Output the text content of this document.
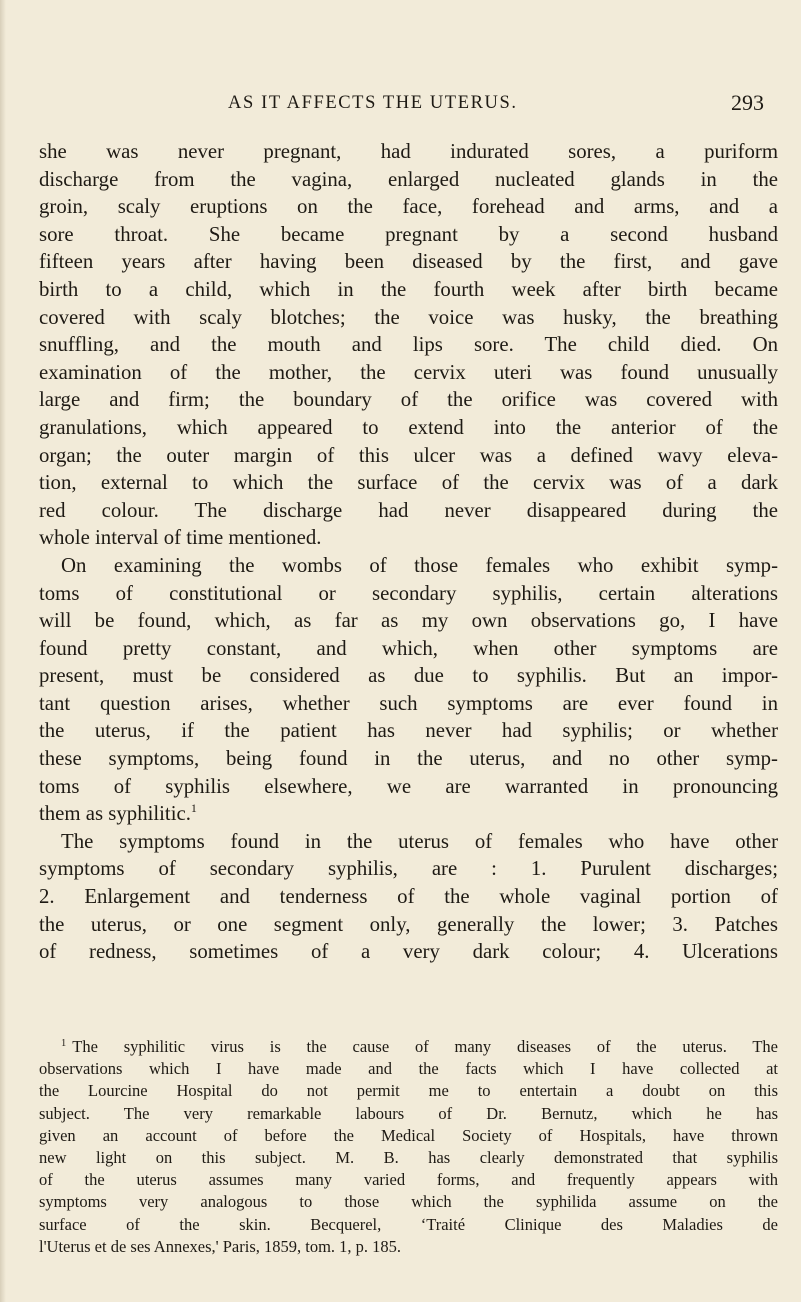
AS IT AFFECTS THE UTERUS.	293
she was never pregnant, had indurated sores, a puriform
discharge from the vagina, enlarged nucleated glands in the
groin, scaly eruptions on the face, forehead and arms, and a
sore throat. She became pregnant by a second husband
fifteen years after having been diseased by the first, and gave
birth to a child, which in the fourth week after birth became
covered with scaly blotches; the voice was husky, the breathing
snuffling, and the mouth and lips sore. The child died. On
examination of the mother, the cervix uteri was found unusually
large and firm; the boundary of the orifice was covered with
granulations, which appeared to extend into the anterior of the
organ; the outer margin of this ulcer was a defined wavy eleva-
tion, external to which the surface of the cervix was of a dark
red colour. The discharge had never disappeared during the
whole interval of time mentioned.
On examining the wombs of those females who exhibit symp-
toms of constitutional or secondary syphilis, certain alterations
will be found, which, as far as my own observations go, I have
found pretty constant, and which, when other symptoms are
present, must be considered as due to syphilis. But an impor-
tant question arises, whether such symptoms are ever found in
the uterus, if the patient has never had syphilis; or whether
these symptoms, being found in the uterus, and no other symp-
toms of syphilis elsewhere, we are warranted in pronouncing
them as syphilitic.$^1$
The symptoms found in the uterus of females who have other
symptoms of secondary syphilis, are : 1. Purulent discharges;
2. Enlargement and tenderness of the whole vaginal portion of
the uterus, or one segment only, generally the lower; 3. Patches
of redness, sometimes of a very dark colour; 4. Ulcerations
$^1$ The syphilitic virus is the cause of many diseases of the uterus. The
observations which I have made and the facts which I have collected at
the Lourcine Hospital do not permit me to entertain a doubt on this
subject. The very remarkable labours of Dr. Bernutz, which he has
given an account of before the Medical Society of Hospitals, have thrown
new light on this subject. M. B. has clearly demonstrated that syphilis
of the uterus assumes many varied forms, and frequently appears with
symptoms very analogous to those which the syphilida assume on the
surface of the skin. Becquerel, ‘Traité Clinique des Maladies de
l'Uterus et de ses Annexes,' Paris, 1859, tom. 1, p. 185.
